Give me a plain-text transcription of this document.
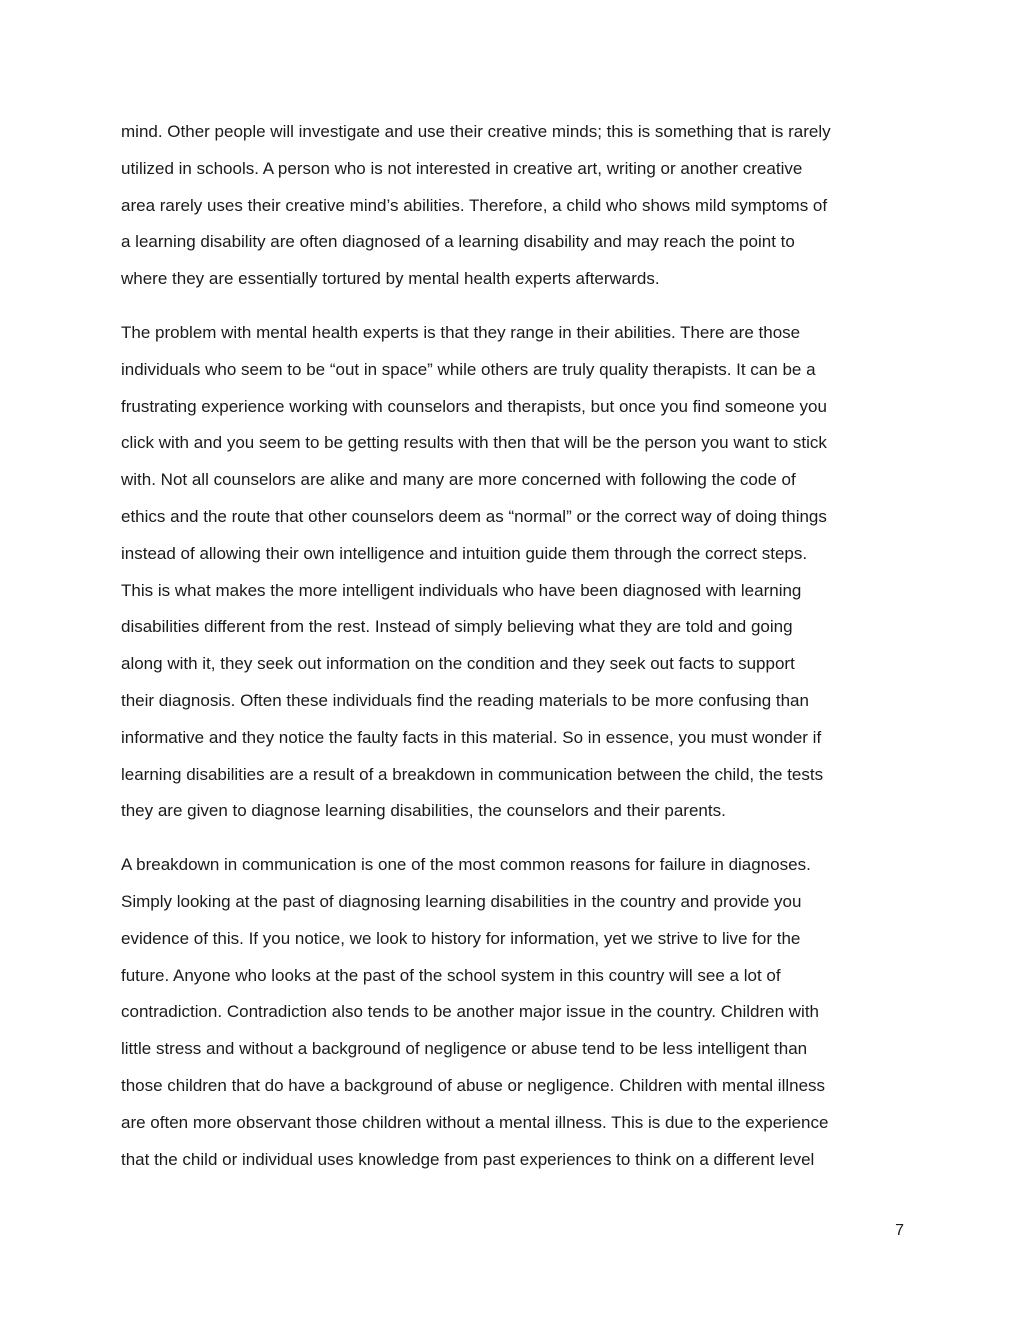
mind. Other people will investigate and use their creative minds; this is something that is rarely
utilized in schools. A person who is not interested in creative art, writing or another creative
area rarely uses their creative mind’s abilities. Therefore, a child who shows mild symptoms of
a learning disability are often diagnosed of a learning disability and may reach the point to
where they are essentially tortured by mental health experts afterwards.

The problem with mental health experts is that they range in their abilities. There are those
individuals who seem to be “out in space” while others are truly quality therapists. It can be a
frustrating experience working with counselors and therapists, but once you find someone you
click with and you seem to be getting results with then that will be the person you want to stick
with. Not all counselors are alike and many are more concerned with following the code of
ethics and the route that other counselors deem as “normal” or the correct way of doing things
instead of allowing their own intelligence and intuition guide them through the correct steps.
This is what makes the more intelligent individuals who have been diagnosed with learning
disabilities different from the rest. Instead of simply believing what they are told and going
along with it, they seek out information on the condition and they seek out facts to support
their diagnosis. Often these individuals find the reading materials to be more confusing than
informative and they notice the faulty facts in this material. So in essence, you must wonder if
learning disabilities are a result of a breakdown in communication between the child, the tests
they are given to diagnose learning disabilities, the counselors and their parents.

A breakdown in communication is one of the most common reasons for failure in diagnoses.
Simply looking at the past of diagnosing learning disabilities in the country and provide you
evidence of this. If you notice, we look to history for information, yet we strive to live for the
future. Anyone who looks at the past of the school system in this country will see a lot of
contradiction. Contradiction also tends to be another major issue in the country. Children with
little stress and without a background of negligence or abuse tend to be less intelligent than
those children that do have a background of abuse or negligence. Children with mental illness
are often more observant those children without a mental illness. This is due to the experience
that the child or individual uses knowledge from past experiences to think on a different level

7
